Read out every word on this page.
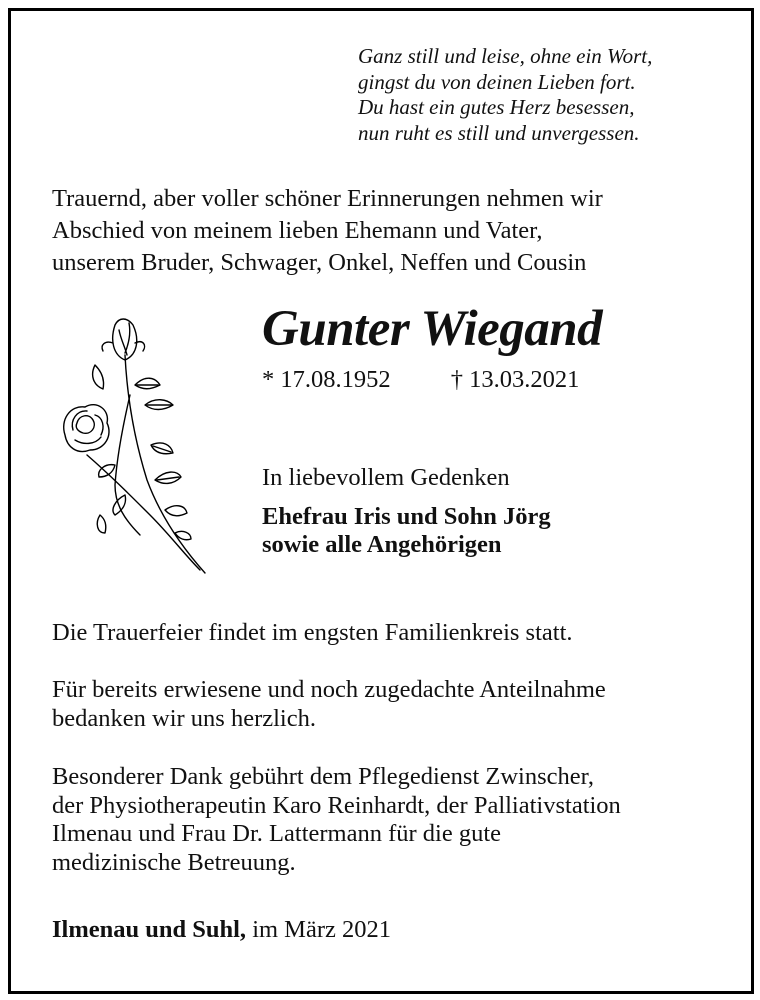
Ganz still und leise, ohne ein Wort,
gingst du von deinen Lieben fort.
Du hast ein gutes Herz besessen,
nun ruht es still und unvergessen.
Trauernd, aber voller schöner Erinnerungen nehmen wir
Abschied von meinem lieben Ehemann und Vater,
unserem Bruder, Schwager, Onkel, Neffen und Cousin
Gunter Wiegand
* 17.08.1952 † 13.03.2021
In liebevollem Gedenken
Ehefrau Iris und Sohn Jörg
sowie alle Angehörigen
Die Trauerfeier findet im engsten Familienkreis statt.
Für bereits erwiesene und noch zugedachte Anteilnahme
bedanken wir uns herzlich.
Besonderer Dank gebührt dem Pflegedienst Zwinscher,
der Physiotherapeutin Karo Reinhardt, der Palliativstation
Ilmenau und Frau Dr. Lattermann für die gute
medizinische Betreuung.
Ilmenau und Suhl, im März 2021
